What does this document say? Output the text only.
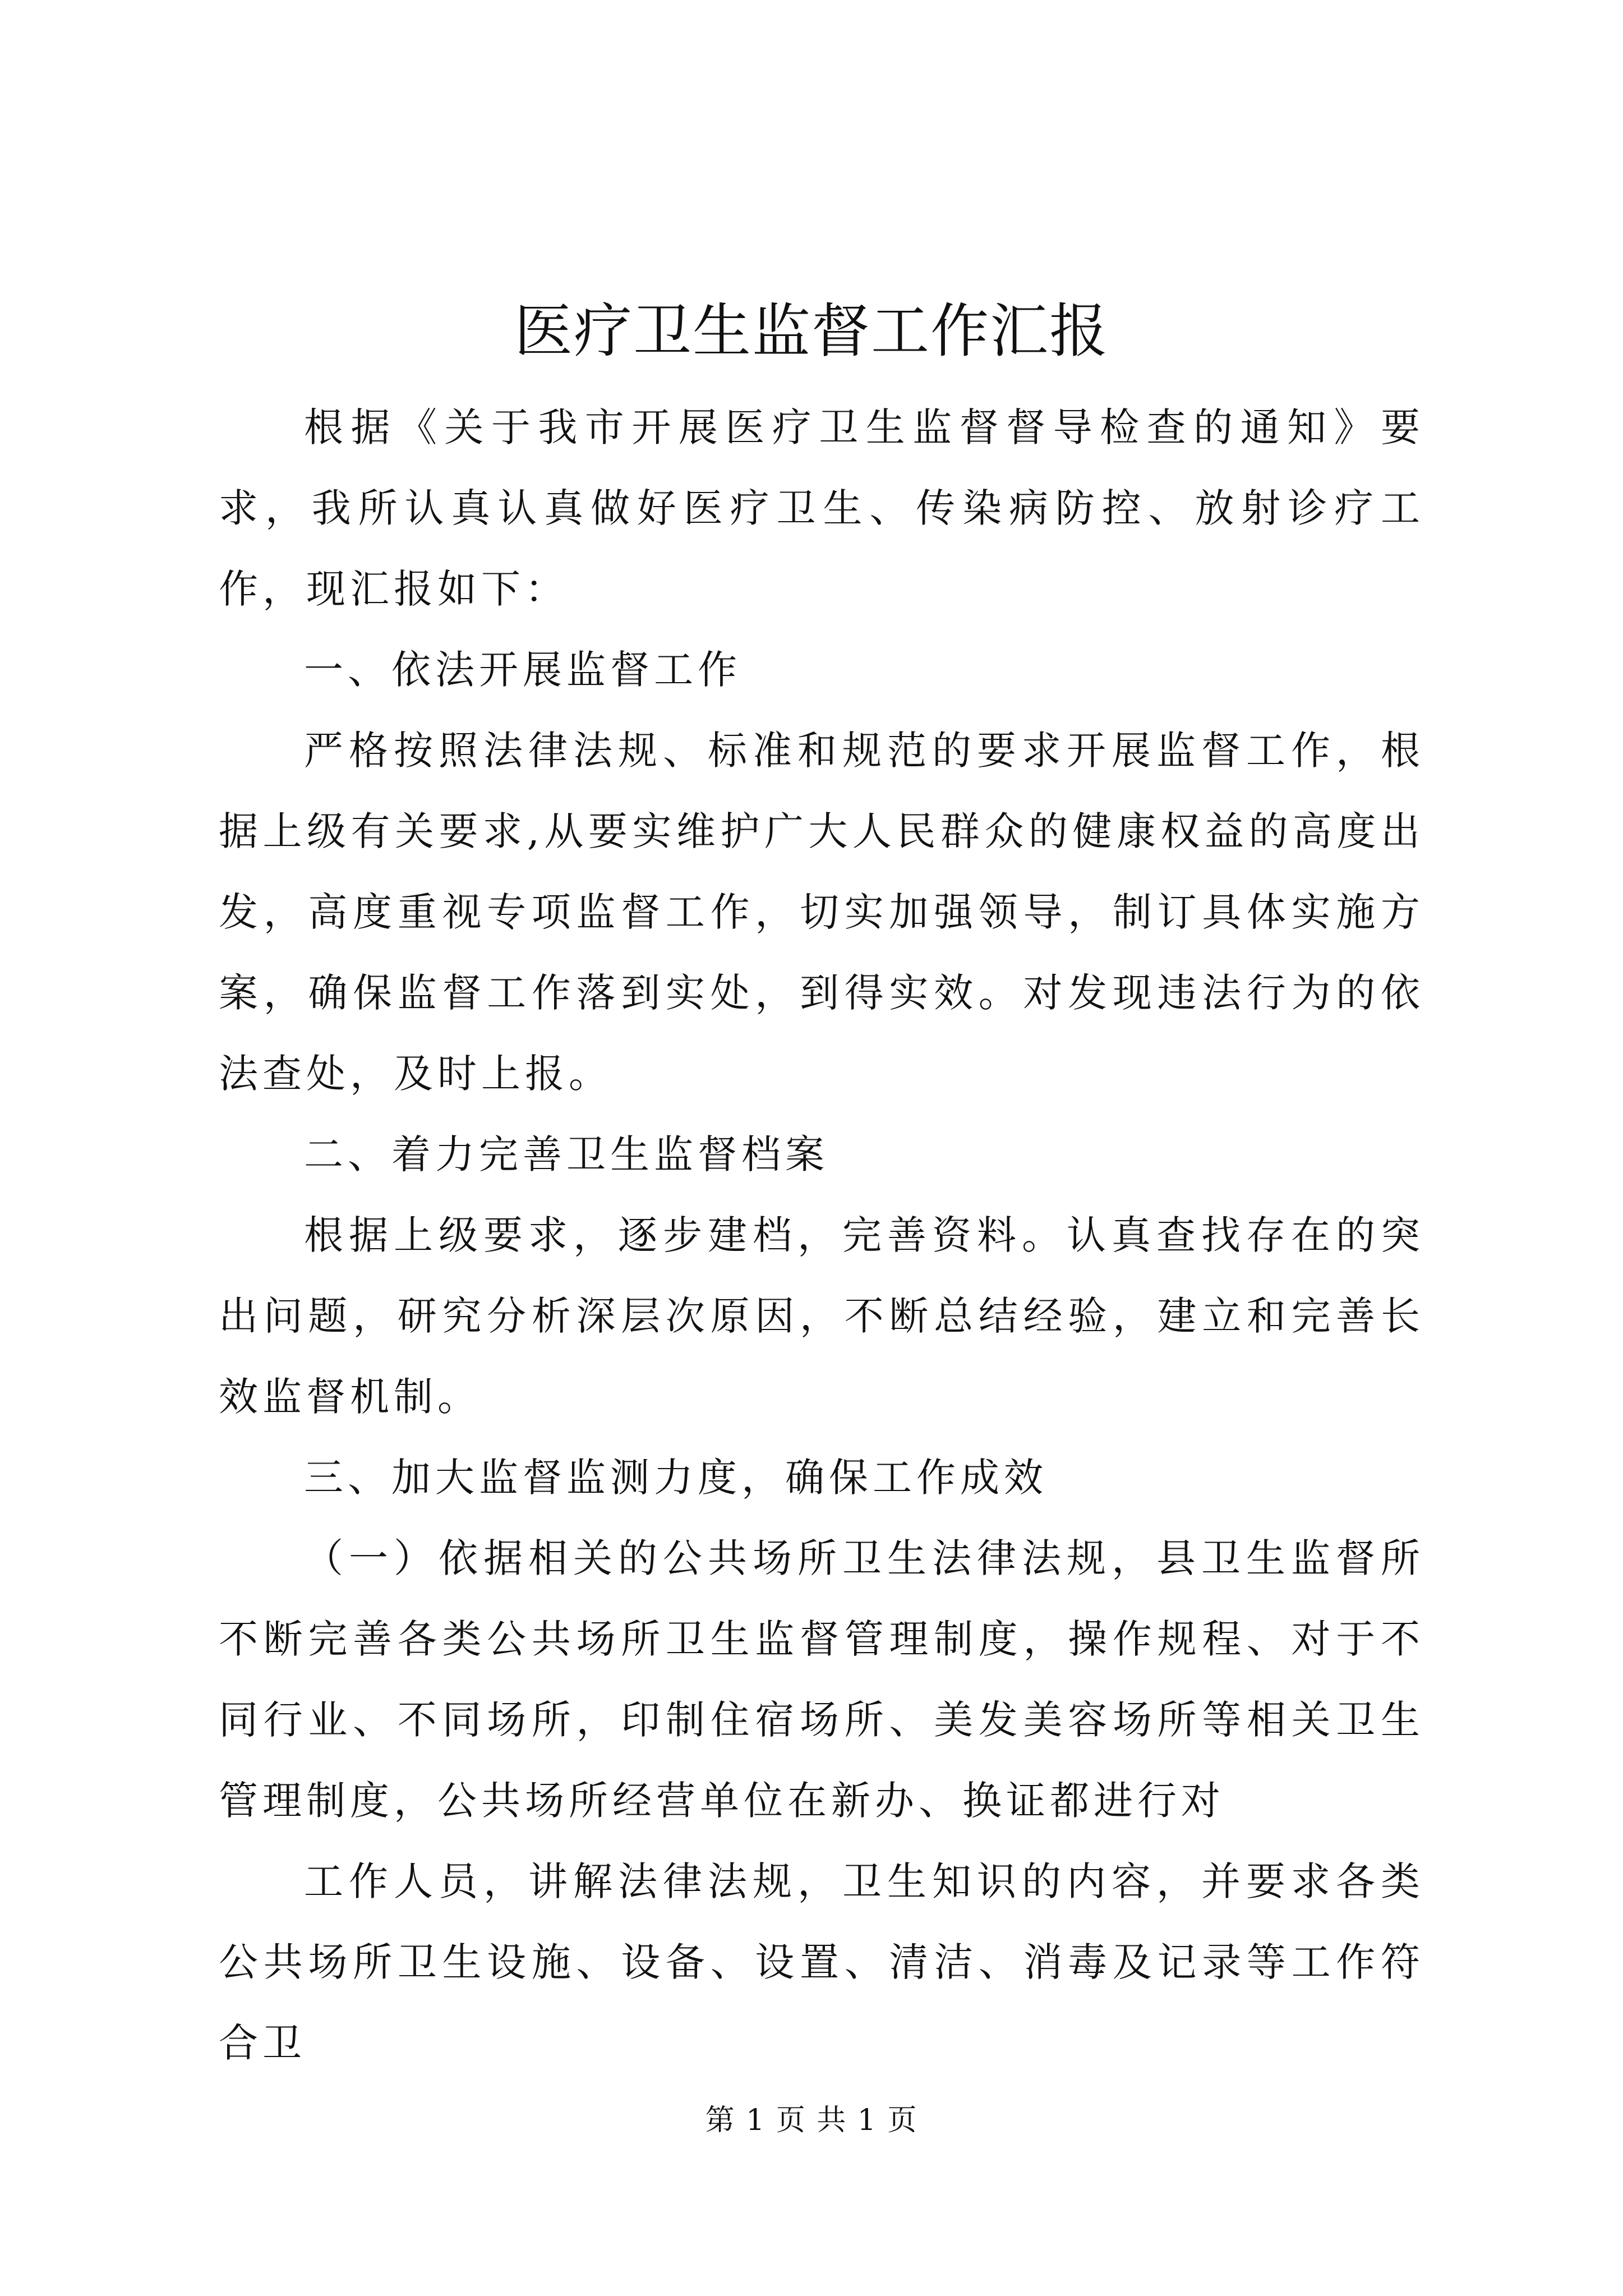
医疗卫生监督工作汇报

根据《关于我市开展医疗卫生监督督导检查的通知》要求，我所认真认真做好医疗卫生、传染病防控、放射诊疗工作，现汇报如下：

一、依法开展监督工作

严格按照法律法规、标准和规范的要求开展监督工作，根据上级有关要求,从要实维护广大人民群众的健康权益的高度出发，高度重视专项监督工作，切实加强领导，制订具体实施方案，确保监督工作落到实处，到得实效。对发现违法行为的依法查处，及时上报。

二、着力完善卫生监督档案

根据上级要求，逐步建档，完善资料。认真查找存在的突出问题，研究分析深层次原因，不断总结经验，建立和完善长效监督机制。

三、加大监督监测力度，确保工作成效

（一）依据相关的公共场所卫生法律法规，县卫生监督所不断完善各类公共场所卫生监督管理制度，操作规程、对于不同行业、不同场所，印制住宿场所、美发美容场所等相关卫生管理制度，公共场所经营单位在新办、换证都进行对

工作人员，讲解法律法规，卫生知识的内容，并要求各类公共场所卫生设施、设备、设置、清洁、消毒及记录等工作符合卫

第 1 页 共 1 页
